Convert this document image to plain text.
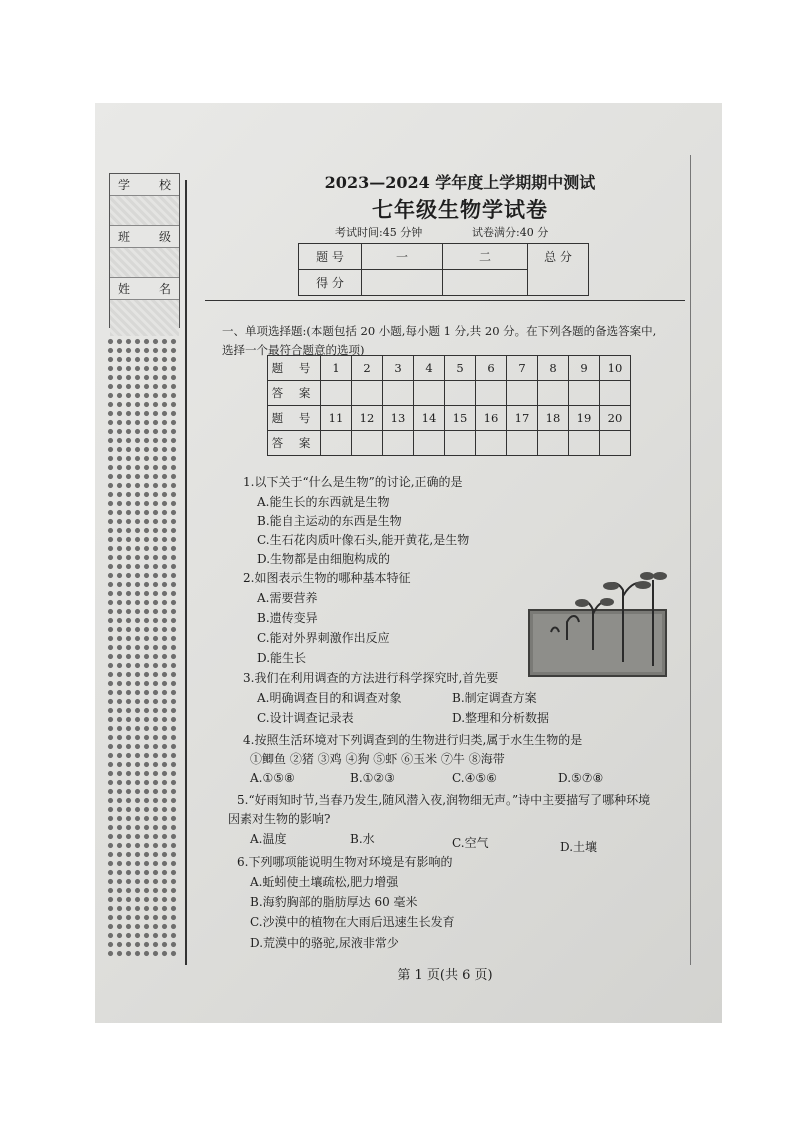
学 校
班 级
姓 名
2023—2024 学年度上学期期中测试
七年级生物学试卷
考试时间:45 分钟	试卷满分:40 分
题 号	一	二	总 分
得 分			
一、单项选择题:(本题包括 20 小题,每小题 1 分,共 20 分。在下列各题的备选答案中,
选择一个最符合题意的选项)
题 号	1	2	3	4	5	6	7	8	9	10
答 案										
题 号	11	12	13	14	15	16	17	18	19	20
答 案										
1.以下关于“什么是生物”的讨论,正确的是
A.能生长的东西就是生物
B.能自主运动的东西是生物
C.生石花肉质叶像石头,能开黄花,是生物
D.生物都是由细胞构成的
2.如图表示生物的哪种基本特征
A.需要营养
B.遗传变异
C.能对外界刺激作出反应
D.能生长
3.我们在利用调查的方法进行科学探究时,首先要
A.明确调查目的和调查对象	B.制定调查方案
C.设计调查记录表	D.整理和分析数据
4.按照生活环境对下列调查到的生物进行归类,属于水生生物的是
①鲫鱼 ②猪 ③鸡 ④狗 ⑤虾 ⑥玉米 ⑦牛 ⑧海带
A.①⑤⑧	B.①②③	C.④⑤⑥	D.⑤⑦⑧
5.“好雨知时节,当春乃发生,随风潜入夜,润物细无声。”诗中主要描写了哪种环境
因素对生物的影响?
A.温度	B.水	C.空气	D.土壤
6.下列哪项能说明生物对环境是有影响的
A.蚯蚓使土壤疏松,肥力增强
B.海豹胸部的脂肪厚达 60 毫米
C.沙漠中的植物在大雨后迅速生长发育
D.荒漠中的骆驼,尿液非常少
第 1 页(共 6 页)
